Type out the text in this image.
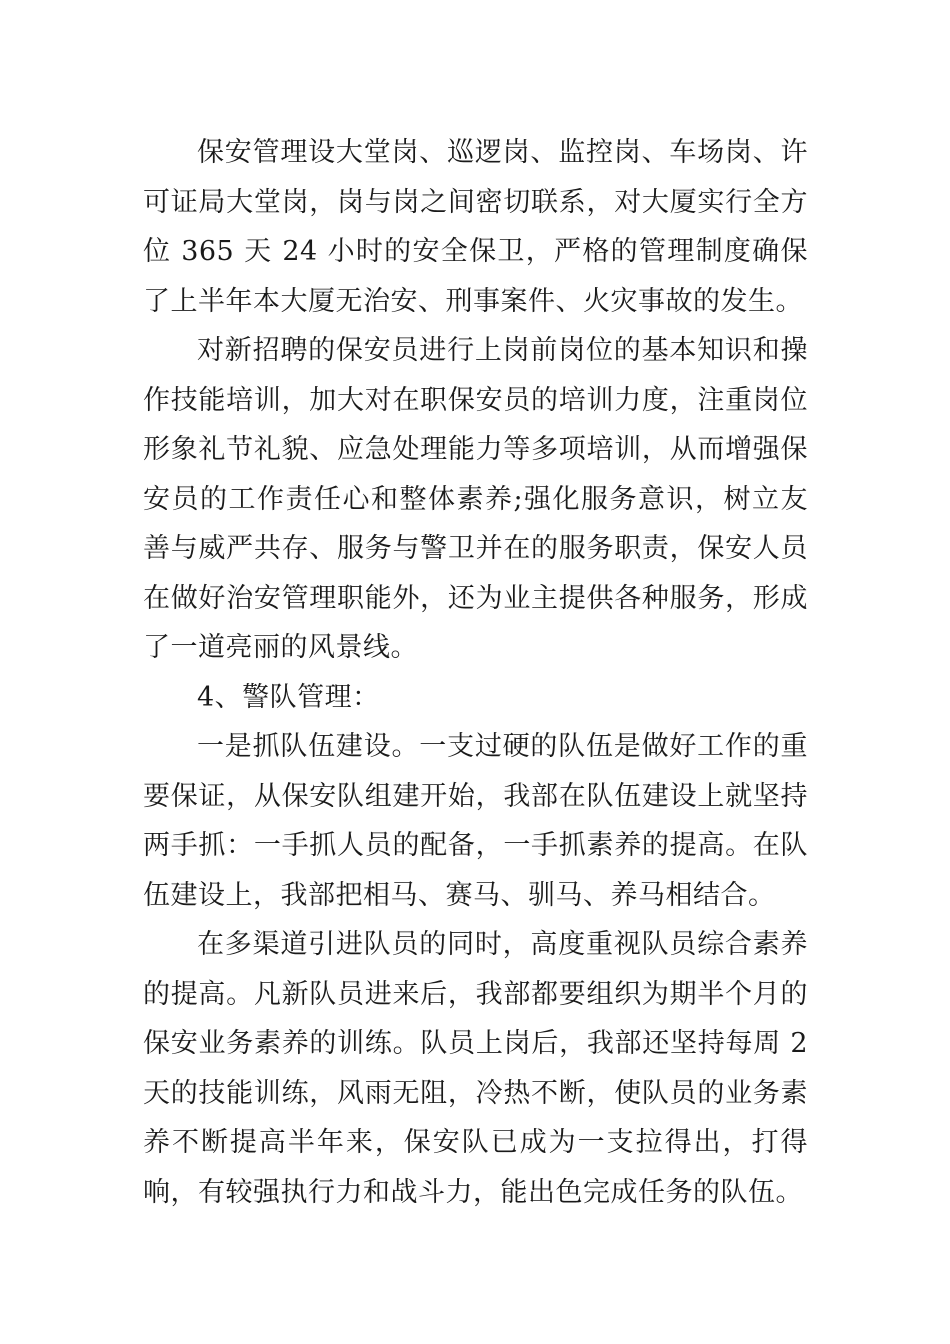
保安管理设大堂岗、巡逻岗、监控岗、车场岗、许可证局大堂岗，岗与岗之间密切联系，对大厦实行全方位 365 天 24 小时的安全保卫，严格的管理制度确保了上半年本大厦无治安、刑事案件、火灾事故的发生。

对新招聘的保安员进行上岗前岗位的基本知识和操作技能培训，加大对在职保安员的培训力度，注重岗位形象礼节礼貌、应急处理能力等多项培训，从而增强保安员的工作责任心和整体素养;强化服务意识，树立友善与威严共存、服务与警卫并在的服务职责，保安人员在做好治安管理职能外，还为业主提供各种服务，形成了一道亮丽的风景线。

4、警队管理：

一是抓队伍建设。一支过硬的队伍是做好工作的重要保证，从保安队组建开始，我部在队伍建设上就坚持两手抓：一手抓人员的配备，一手抓素养的提高。在队伍建设上，我部把相马、赛马、驯马、养马相结合。

在多渠道引进队员的同时，高度重视队员综合素养的提高。凡新队员进来后，我部都要组织为期半个月的保安业务素养的训练。队员上岗后，我部还坚持每周 2 天的技能训练，风雨无阻，冷热不断，使队员的业务素养不断提高半年来，保安队已成为一支拉得出，打得响，有较强执行力和战斗力，能出色完成任务的队伍。
